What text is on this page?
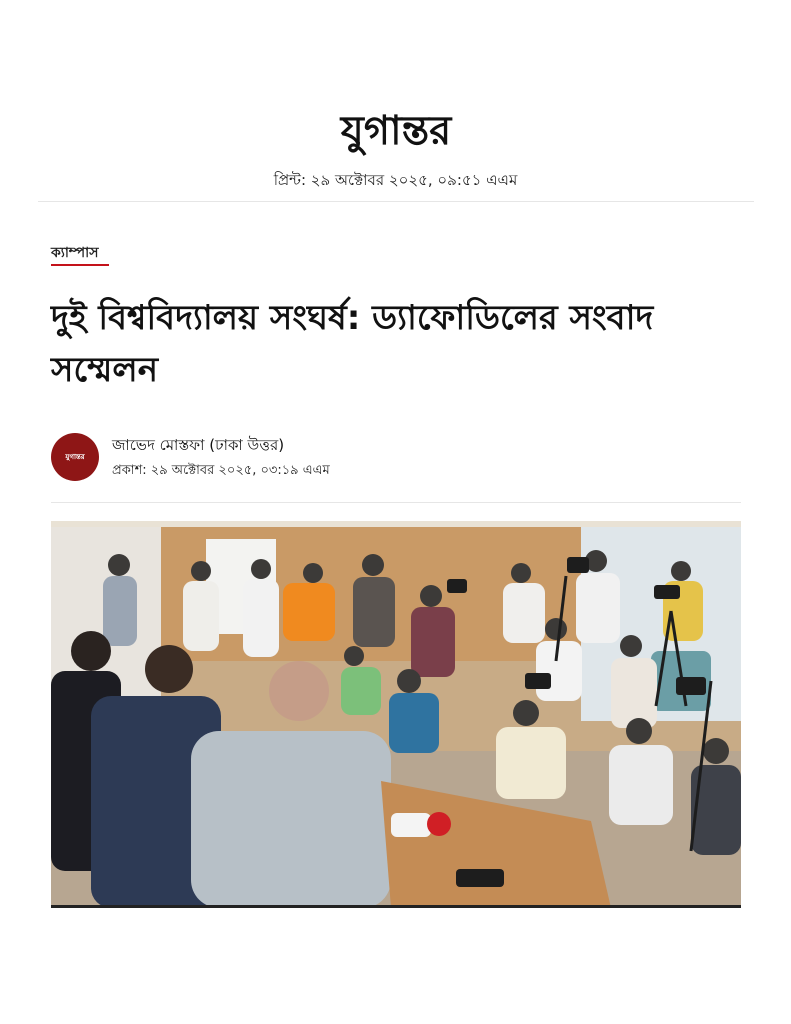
যুগান্তর
প্রিন্ট: ২৯ অক্টোবর ২০২৫, ০৯:৫১ এএম
ক্যাম্পাস
দুই বিশ্ববিদ্যালয় সংঘর্ষ: ড্যাফোডিলের সংবাদ সম্মেলন
যুগান্তর
জাভেদ মোস্তফা (ঢাকা উত্তর)
প্রকাশ: ২৯ অক্টোবর ২০২৫, ০৩:১৯ এএম
